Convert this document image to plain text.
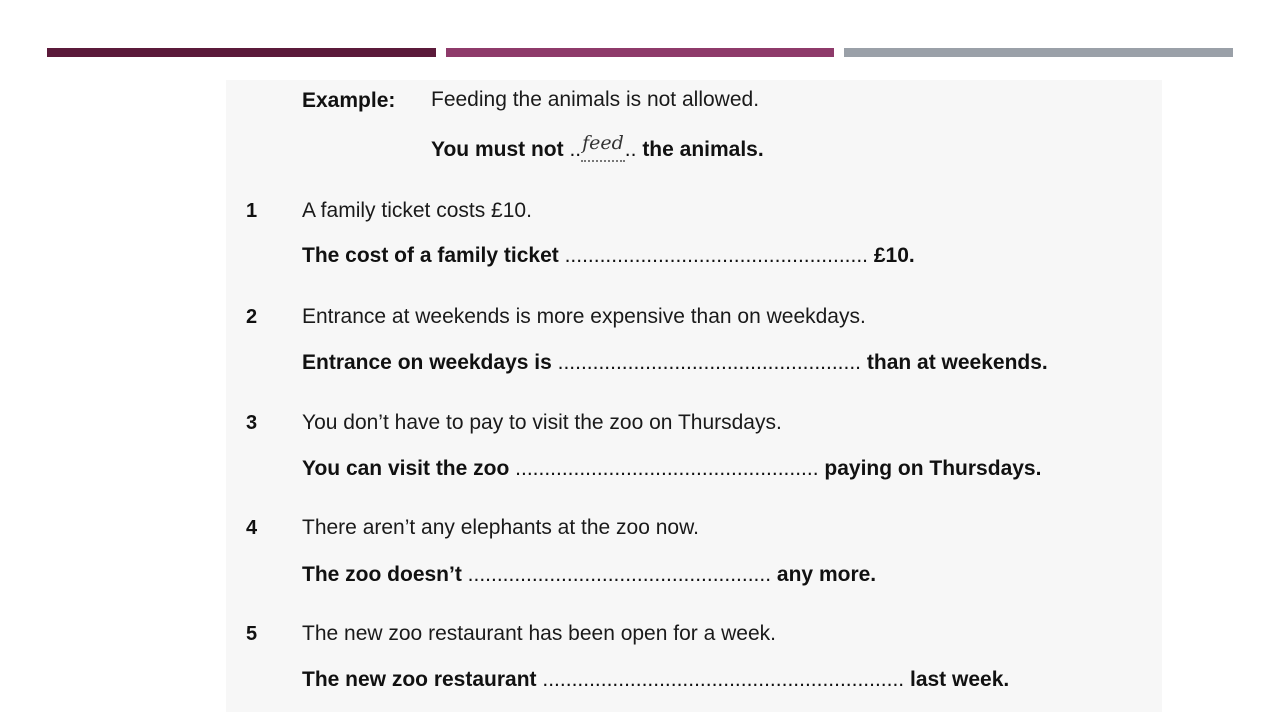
Example: Feeding the animals is not allowed.
You must not ..feed.. the animals.
1 A family ticket costs £10.
The cost of a family ticket .................................................... £10.
2 Entrance at weekends is more expensive than on weekdays.
Entrance on weekdays is .................................................... than at weekends.
3 You don’t have to pay to visit the zoo on Thursdays.
You can visit the zoo .................................................... paying on Thursdays.
4 There aren’t any elephants at the zoo now.
The zoo doesn’t .................................................... any more.
5 The new zoo restaurant has been open for a week.
The new zoo restaurant .............................................................. last week.
